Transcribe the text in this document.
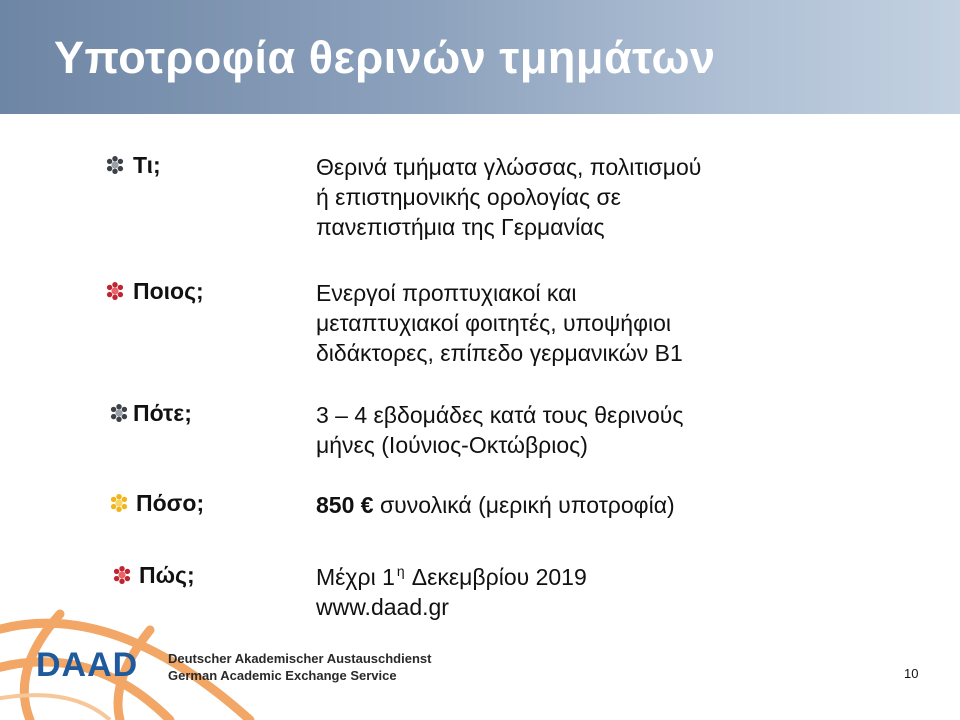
Υποτροφία θερινών τμημάτων
Τι;	Θερινά τμήματα γλώσσας, πολιτισμού
ή επιστημονικής ορολογίας σε
πανεπιστήμια της Γερμανίας
Ποιος;	Ενεργοί προπτυχιακοί και
μεταπτυχιακοί φοιτητές, υποψήφιοι
διδάκτορες, επίπεδο γερμανικών Β1
Πότε;	3 – 4 εβδομάδες κατά τους θερινούς
μήνες (Ιούνιος-Οκτώβριος)
Πόσο;	850 € συνολικά (μερική υποτροφία)
Πώς;	Μέχρι 1 $^\eta$ Δεκεμβρίου 2019
www.daad.gr
DAAD Deutscher Akademischer Austauschdienst
German Academic Exchange Service	10
